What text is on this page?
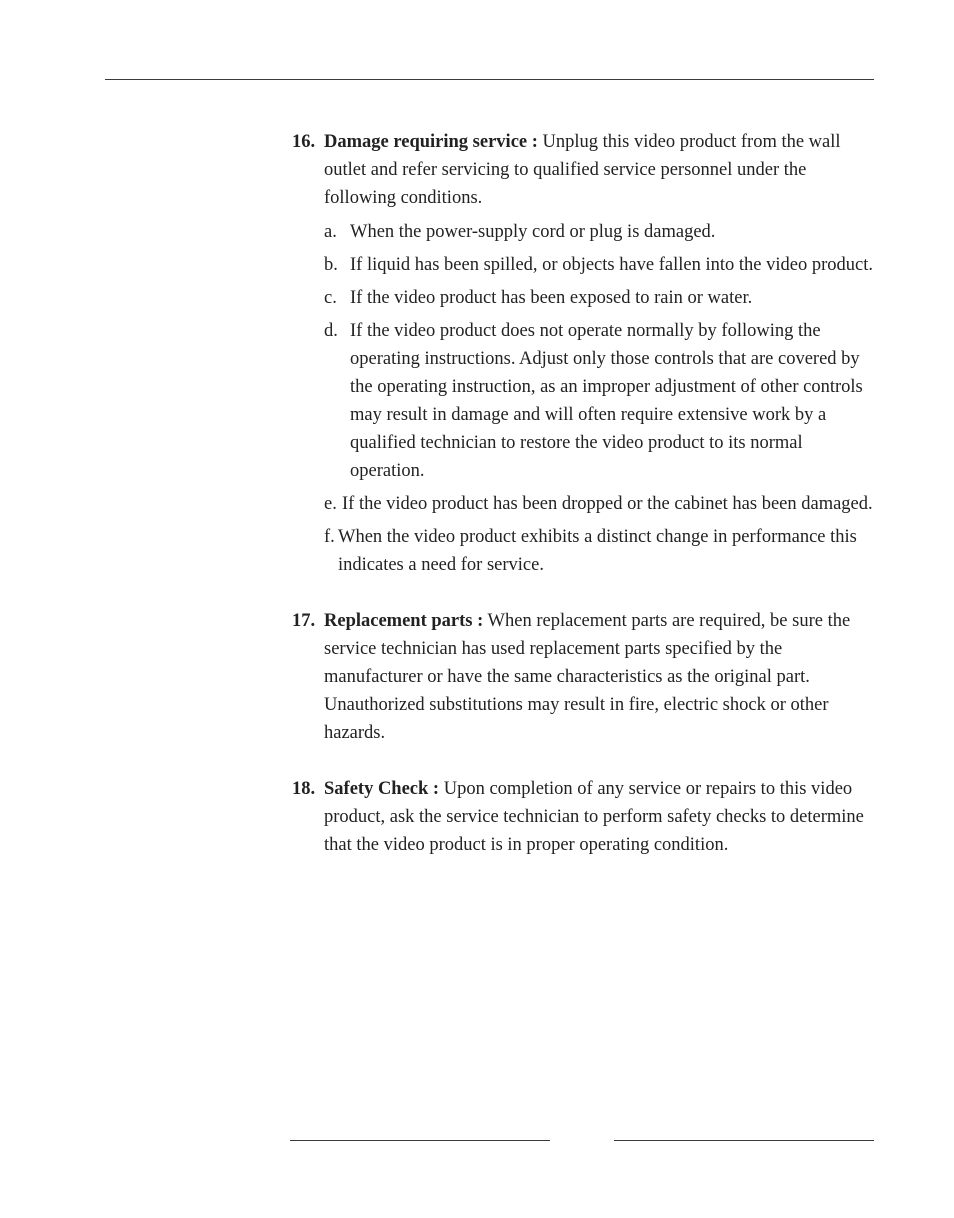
16. Damage requiring service : Unplug this video product from the wall outlet and refer servicing to qualified service personnel under the following conditions.
a. When the power-supply cord or plug is damaged.
b. If liquid has been spilled, or objects have fallen into the video product.
c. If the video product has been exposed to rain or water.
d. If the video product does not operate normally by following the operating instructions. Adjust only those controls that are covered by the operating instruction, as an improper adjustment of other controls may result in damage and will often require extensive work by a qualified technician to restore the video product to its normal operation.
e. If the video product has been dropped or the cabinet has been damaged.
f. When the video product exhibits a distinct change in performance this indicates a need for service.
17. Replacement parts : When replacement parts are required, be sure the service technician has used replacement parts specified by the manufacturer or have the same characteristics as the original part. Unauthorized substitutions may result in fire, electric shock or other hazards.
18. Safety Check : Upon completion of any service or repairs to this video product, ask the service technician to perform safety checks to determine that the video product is in proper operating condition.
